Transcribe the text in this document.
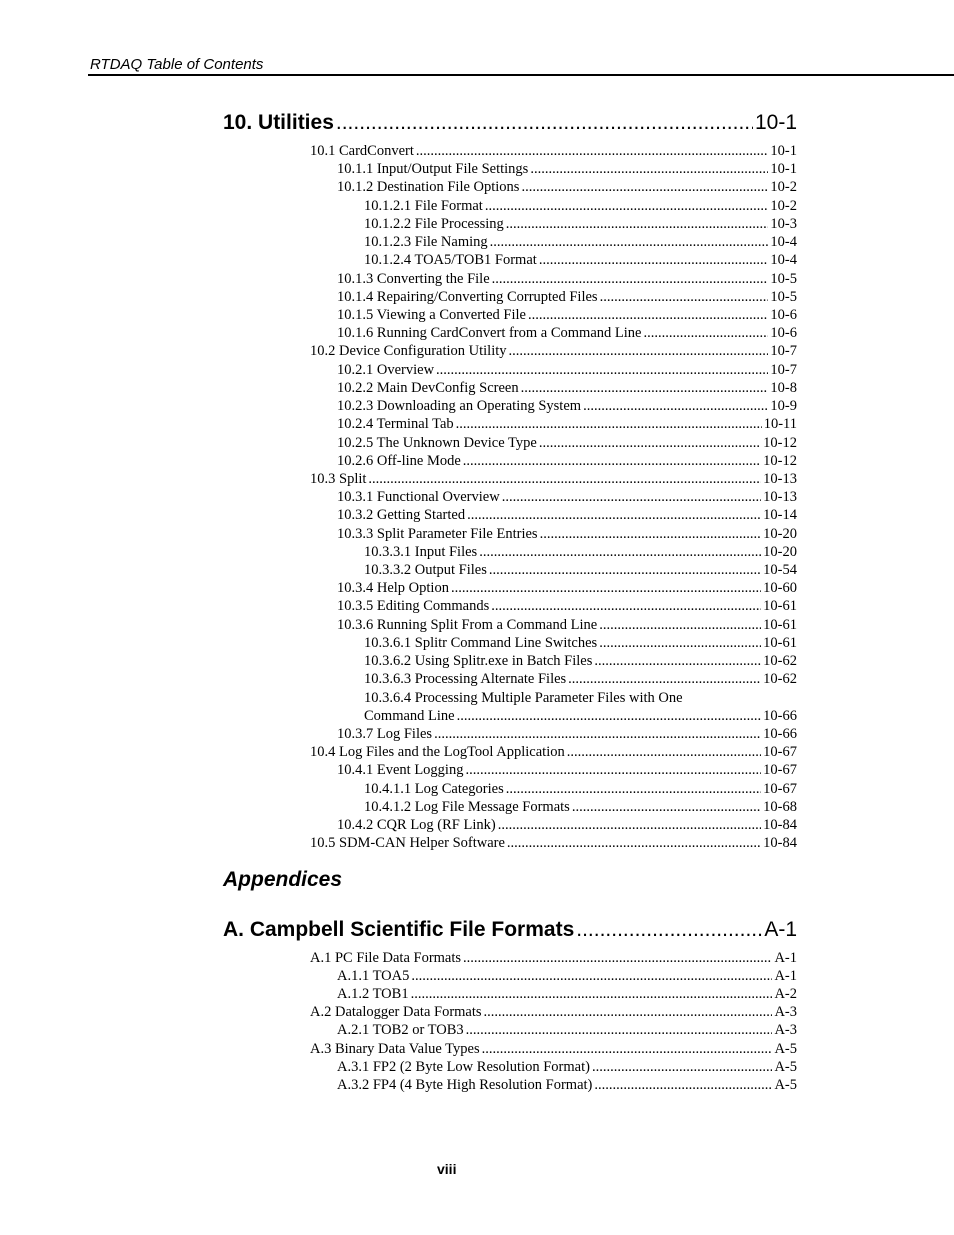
RTDAQ Table of Contents
10. Utilities .....	10-1
10.1 CardConvert .....	10-1
10.1.1 Input/Output File Settings .....	10-1
10.1.2 Destination File Options .....	10-2
10.1.2.1 File Format .....	10-2
10.1.2.2 File Processing .....	10-3
10.1.2.3 File Naming .....	10-4
10.1.2.4 TOA5/TOB1 Format .....	10-4
10.1.3 Converting the File .....	10-5
10.1.4 Repairing/Converting Corrupted Files .....	10-5
10.1.5 Viewing a Converted File .....	10-6
10.1.6 Running CardConvert from a Command Line .....	10-6
10.2 Device Configuration Utility .....	10-7
10.2.1 Overview .....	10-7
10.2.2 Main DevConfig Screen .....	10-8
10.2.3 Downloading an Operating System .....	10-9
10.2.4 Terminal Tab .....	10-11
10.2.5 The Unknown Device Type .....	10-12
10.2.6 Off-line Mode .....	10-12
10.3 Split .....	10-13
10.3.1 Functional Overview .....	10-13
10.3.2 Getting Started .....	10-14
10.3.3 Split Parameter File Entries .....	10-20
10.3.3.1 Input Files .....	10-20
10.3.3.2 Output Files .....	10-54
10.3.4 Help Option .....	10-60
10.3.5 Editing Commands .....	10-61
10.3.6 Running Split From a Command Line .....	10-61
10.3.6.1 Splitr Command Line Switches .....	10-61
10.3.6.2 Using Splitr.exe in Batch Files .....	10-62
10.3.6.3 Processing Alternate Files .....	10-62
10.3.6.4 Processing Multiple Parameter Files with One
Command Line .....	10-66
10.3.7 Log Files .....	10-66
10.4 Log Files and the LogTool Application .....	10-67
10.4.1 Event Logging .....	10-67
10.4.1.1 Log Categories .....	10-67
10.4.1.2 Log File Message Formats .....	10-68
10.4.2 CQR Log (RF Link) .....	10-84
10.5 SDM-CAN Helper Software .....	10-84
Appendices
A. Campbell Scientific File Formats .....	A-1
A.1 PC File Data Formats .....	A-1
A.1.1 TOA5 .....	A-1
A.1.2 TOB1 .....	A-2
A.2 Datalogger Data Formats .....	A-3
A.2.1 TOB2 or TOB3 .....	A-3
A.3 Binary Data Value Types .....	A-5
A.3.1 FP2 (2 Byte Low Resolution Format) .....	A-5
A.3.2 FP4 (4 Byte High Resolution Format) .....	A-5
viii
